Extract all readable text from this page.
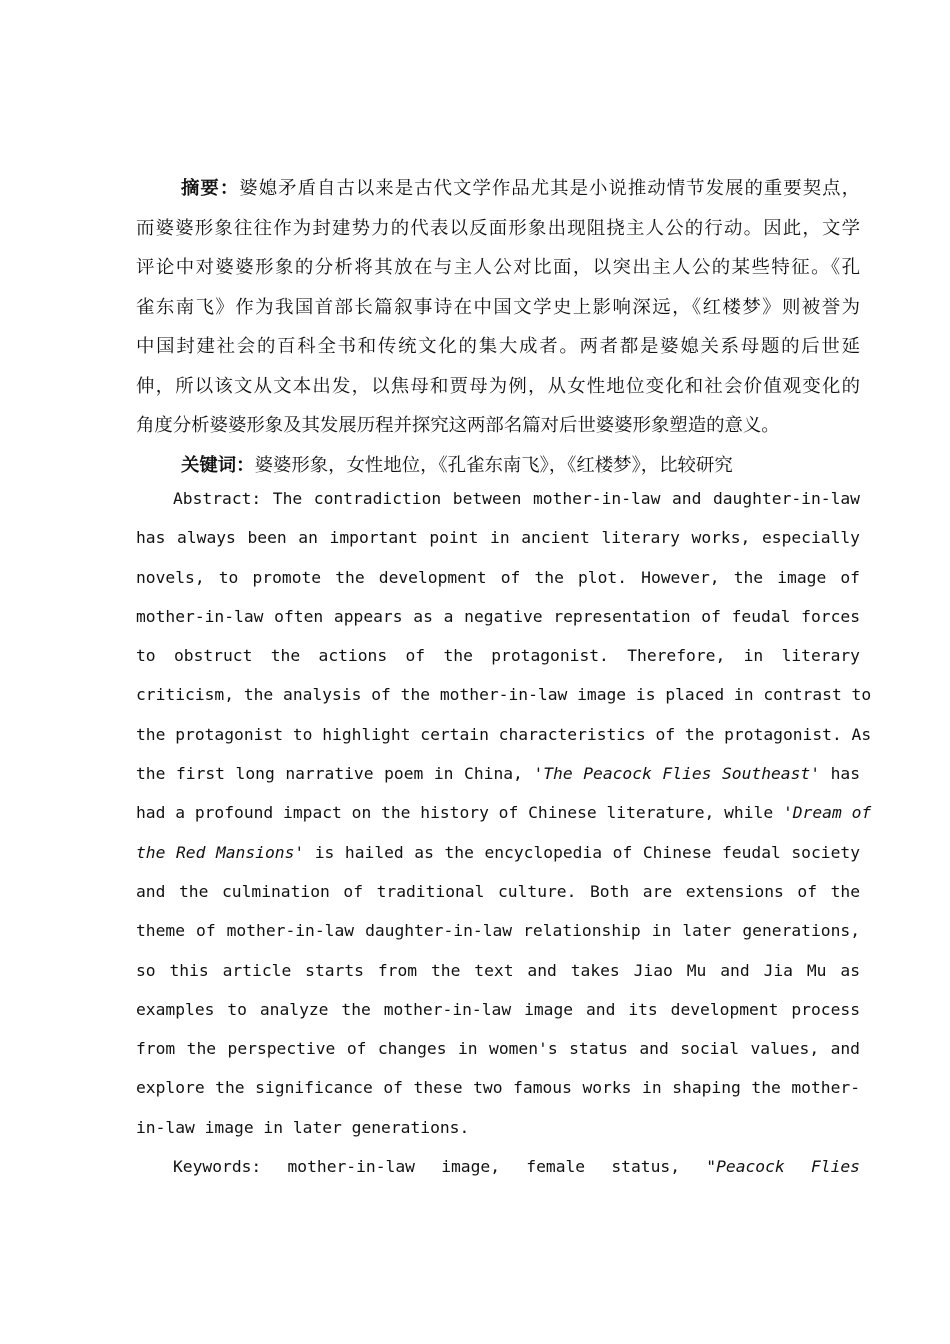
摘要：婆媳矛盾自古以来是古代文学作品尤其是小说推动情节发展的重要契点，
而婆婆形象往往作为封建势力的代表以反面形象出现阻挠主人公的行动。因此，文学
评论中对婆婆形象的分析将其放在与主人公对比面，以突出主人公的某些特征。《孔
雀东南飞》作为我国首部长篇叙事诗在中国文学史上影响深远，《红楼梦》则被誉为
中国封建社会的百科全书和传统文化的集大成者。两者都是婆媳关系母题的后世延
伸，所以该文从文本出发，以焦母和贾母为例，从女性地位变化和社会价值观变化的
角度分析婆婆形象及其发展历程并探究这两部名篇对后世婆婆形象塑造的意义。
关键词：婆婆形象，女性地位，《孔雀东南飞》，《红楼梦》，比较研究
Abstract: The contradiction between mother-in-law and daughter-in-law
has always been an important point in ancient literary works, especially
novels, to promote the development of the plot. However, the image of
mother-in-law often appears as a negative representation of feudal forces
to obstruct the actions of the protagonist. Therefore, in literary
criticism, the analysis of the mother-in-law image is placed in contrast to
the protagonist to highlight certain characteristics of the protagonist. As
the first long narrative poem in China, 'The Peacock Flies Southeast' has
had a profound impact on the history of Chinese literature, while 'Dream of
the Red Mansions' is hailed as the encyclopedia of Chinese feudal society
and the culmination of traditional culture. Both are extensions of the
theme of mother-in-law daughter-in-law relationship in later generations,
so this article starts from the text and takes Jiao Mu and Jia Mu as
examples to analyze the mother-in-law image and its development process
from the perspective of changes in women's status and social values, and
explore the significance of these two famous works in shaping the mother-
in-law image in later generations.
Keywords: mother-in-law image, female status, "Peacock Flies
